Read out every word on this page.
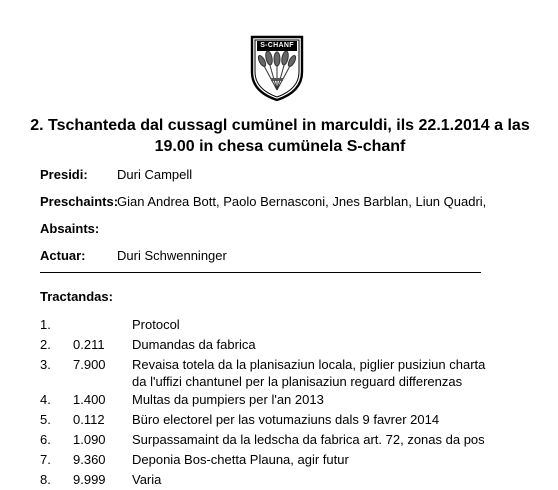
S-CHANF
2. Tschanteda dal cussagl cumünel in marculdi, ils 22.1.2014 a las
19.00 in chesa cumünela S-chanf
Presidi: Duri Campell
Preschaints:Gian Andrea Bott, Paolo Bernasconi, Jnes Barblan, Liun Quadri,
Absaints:
Actuar: Duri Schwenninger
Tractandas:
1.	Protocol
2. 0.211 Dumandas da fabrica
3. 7.900 Revaisa totela da la planisaziun locala, piglier pusiziun charta
da l'uffizi chantunel per la planisaziun reguard differenzas
4. 1.400 Multas da pumpiers per l'an 2013
5. 0.112 Büro electorel per las votumaziuns dals 9 favrer 2014
6. 1.090 Surpassamaint da la ledscha da fabrica art. 72, zonas da pos
7. 9.360 Deponia Bos-chetta Plauna, agir futur
8. 9.999 Varia
